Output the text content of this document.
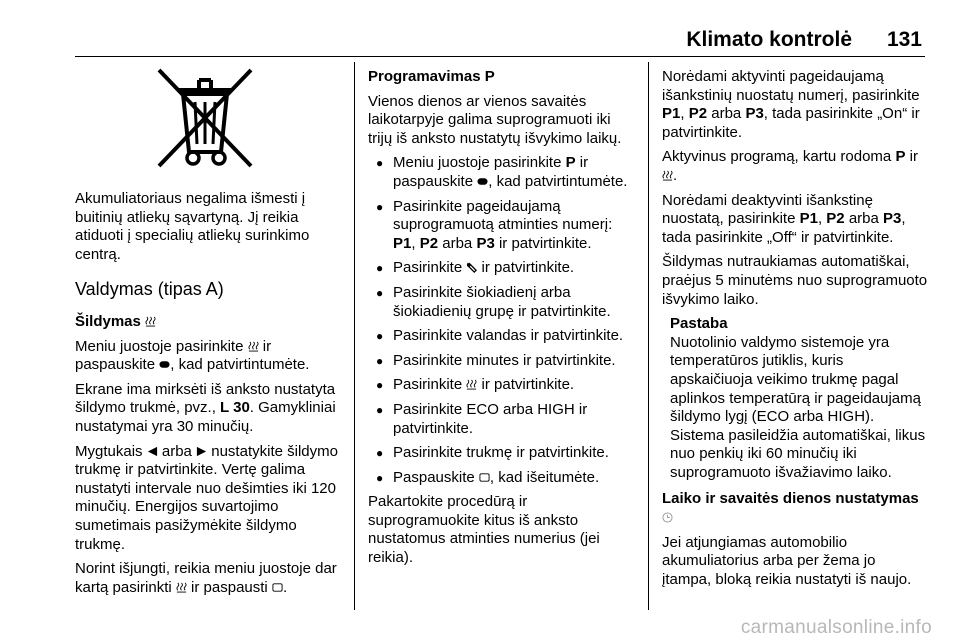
Klimato kontrolė 131

Akumuliatoriaus negalima išmesti į buitinių atliekų sąvartyną. Jį reikia atiduoti į specialių atliekų surinkimo centrą.

Valdymas (tipas A)

Šildymas

Meniu juostoje pasirinkite ir paspauskite , kad patvirtintumėte.

Ekrane ima mirksėti iš anksto nustatyta šildymo trukmė, pvz., L 30. Gamykliniai nustatymai yra 30 minučių.

Mygtukais arba nustatykite šildymo trukmę ir patvirtinkite. Vertę galima nustatyti intervale nuo dešimties iki 120 minučių. Energijos suvartojimo sumetimais pasižymėkite šildymo trukmę.

Norint išjungti, reikia meniu juostoje dar kartą pasirinkti ir paspausti .

Programavimas P

Vienos dienos ar vienos savaitės laikotarpyje galima suprogramuoti iki trijų iš anksto nustatytų išvykimo laikų.

● Meniu juostoje pasirinkite P ir paspauskite , kad patvirtintumėte.
● Pasirinkite pageidaujamą suprogramuotą atminties numerį: P1, P2 arba P3 ir patvirtinkite.
● Pasirinkite ir patvirtinkite.
● Pasirinkite šiokiadienį arba šiokiadienių grupę ir patvirtinkite.
● Pasirinkite valandas ir patvirtinkite.
● Pasirinkite minutes ir patvirtinkite.
● Pasirinkite ir patvirtinkite.
● Pasirinkite ECO arba HIGH ir patvirtinkite.
● Pasirinkite trukmę ir patvirtinkite.
● Paspauskite , kad išeitumėte.

Pakartokite procedūrą ir suprogramuokite kitus iš anksto nustatomus atminties numerius (jei reikia).

Norėdami aktyvinti pageidaujamą išankstinių nuostatų numerį, pasirinkite P1, P2 arba P3, tada pasirinkite „On“ ir patvirtinkite.

Aktyvinus programą, kartu rodoma P ir .

Norėdami deaktyvinti išankstinę nuostatą, pasirinkite P1, P2 arba P3, tada pasirinkite „Off“ ir patvirtinkite.

Šildymas nutraukiamas automatiškai, praėjus 5 minutėms nuo suprogramuoto išvykimo laiko.

Pastaba
Nuotolinio valdymo sistemoje yra temperatūros jutiklis, kuris apskaičiuoja veikimo trukmę pagal aplinkos temperatūrą ir pageidaujamą šildymo lygį (ECO arba HIGH). Sistema pasileidžia automatiškai, likus nuo penkių iki 60 minučių iki suprogramuoto išvažiavimo laiko.

Laiko ir savaitės dienos nustatymas

Jei atjungiamas automobilio akumuliatorius arba per žema jo įtampa, bloką reikia nustatyti iš naujo.

carmanualsonline.info
